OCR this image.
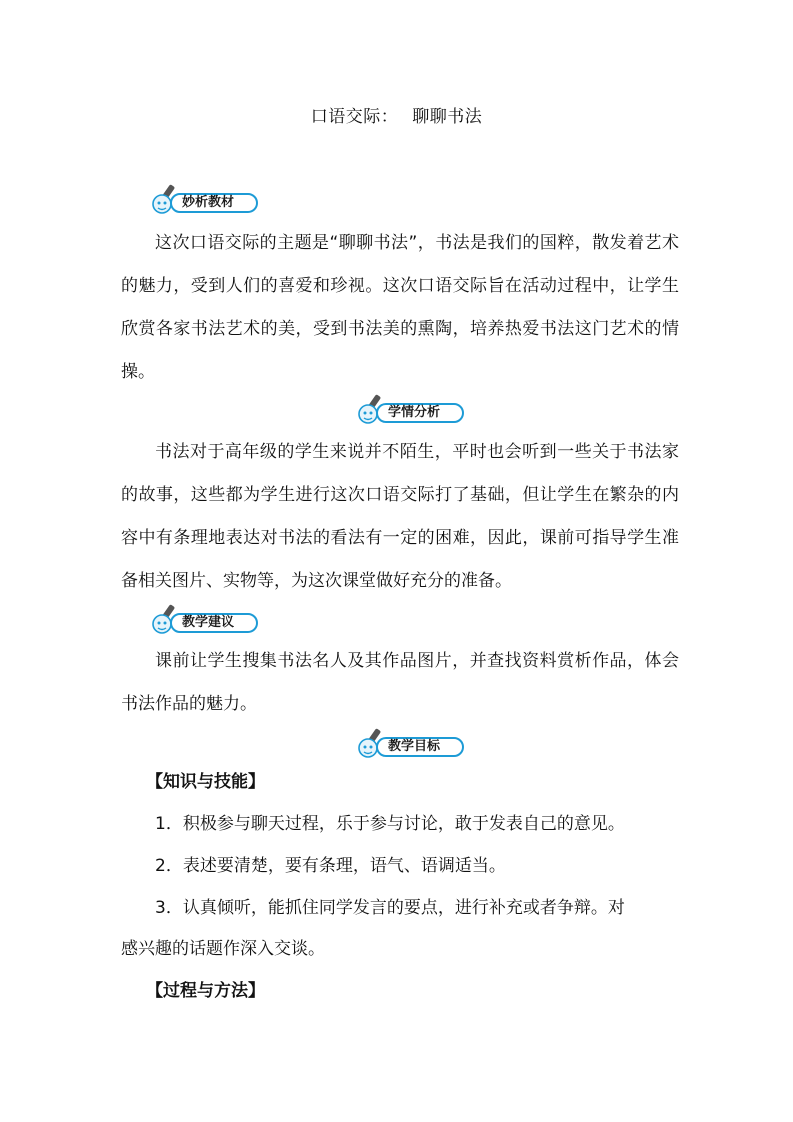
口语交际： 聊聊书法
妙析教材

这次口语交际的主题是“聊聊书法”，书法是我们的国粹，散发着艺术的魅力，受到人们的喜爱和珍视。这次口语交际旨在活动过程中，让学生欣赏各家书法艺术的美，受到书法美的熏陶，培养热爱书法这门艺术的情操。

学情分析

书法对于高年级的学生来说并不陌生，平时也会听到一些关于书法家的故事，这些都为学生进行这次口语交际打了基础，但让学生在繁杂的内容中有条理地表达对书法的看法有一定的困难，因此，课前可指导学生准备相关图片、实物等，为这次课堂做好充分的准备。

教学建议

课前让学生搜集书法名人及其作品图片，并查找资料赏析作品，体会书法作品的魅力。

教学目标
【知识与技能】
1．积极参与聊天过程，乐于参与讨论，敢于发表自己的意见。
2．表述要清楚，要有条理，语气、语调适当。
3．认真倾听，能抓住同学发言的要点，进行补充或者争辩。对
感兴趣的话题作深入交谈。
【过程与方法】
